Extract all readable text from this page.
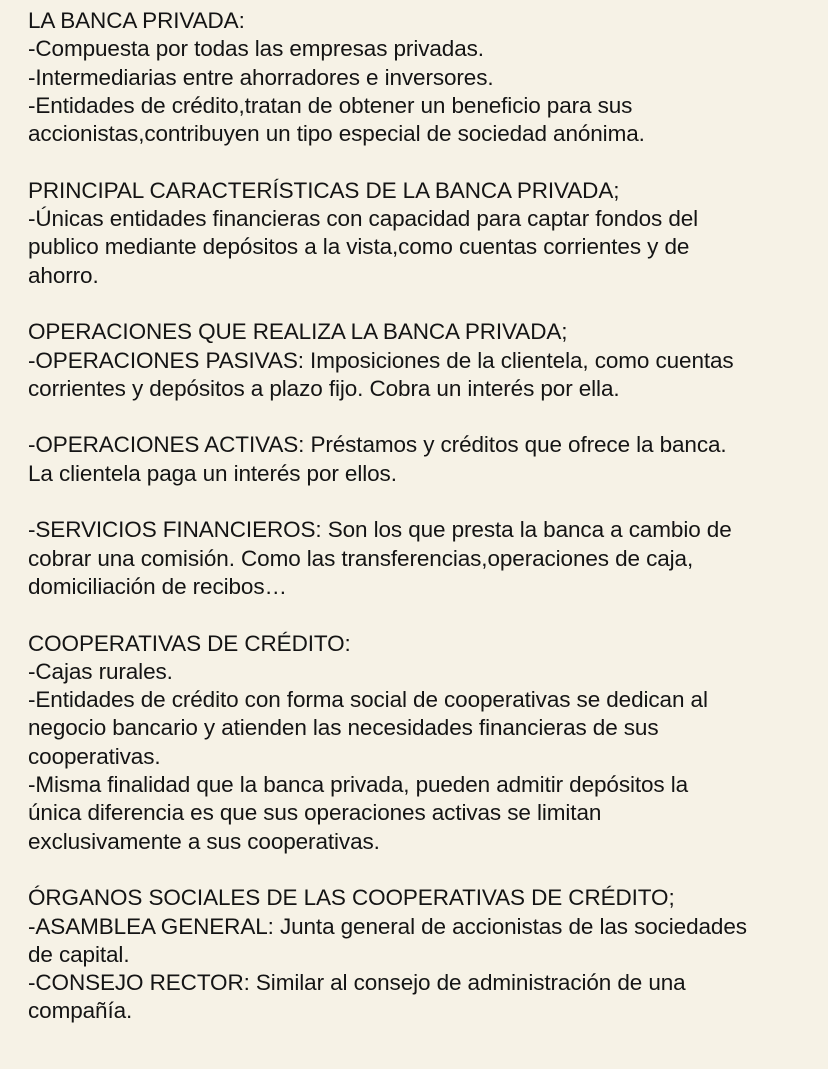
LA BANCA PRIVADA:
-Compuesta por todas las empresas privadas.
-Intermediarias entre ahorradores e inversores.
-Entidades de crédito,tratan de obtener un beneficio para sus
accionistas,contribuyen un tipo especial de sociedad anónima.
PRINCIPAL CARACTERÍSTICAS DE LA BANCA PRIVADA;
-Únicas entidades financieras con capacidad para captar fondos del
publico mediante depósitos a la vista,como cuentas corrientes y de
ahorro.
OPERACIONES QUE REALIZA LA BANCA PRIVADA;
-OPERACIONES PASIVAS: Imposiciones de la clientela, como cuentas
corrientes y depósitos a plazo fijo. Cobra un interés por ella.
-OPERACIONES ACTIVAS: Préstamos y créditos que ofrece la banca.
La clientela paga un interés por ellos.
-SERVICIOS FINANCIEROS: Son los que presta la banca a cambio de
cobrar una comisión. Como las transferencias,operaciones de caja,
domiciliación de recibos…
COOPERATIVAS DE CRÉDITO:
-Cajas rurales.
-Entidades de crédito con forma social de cooperativas se dedican al
negocio bancario y atienden las necesidades financieras de sus
cooperativas.
-Misma finalidad que la banca privada, pueden admitir depósitos la
única diferencia es que sus operaciones activas se limitan
exclusivamente a sus cooperativas.
ÓRGANOS SOCIALES DE LAS COOPERATIVAS DE CRÉDITO;
-ASAMBLEA GENERAL: Junta general de accionistas de las sociedades
de capital.
-CONSEJO RECTOR: Similar al consejo de administración de una
compañía.
